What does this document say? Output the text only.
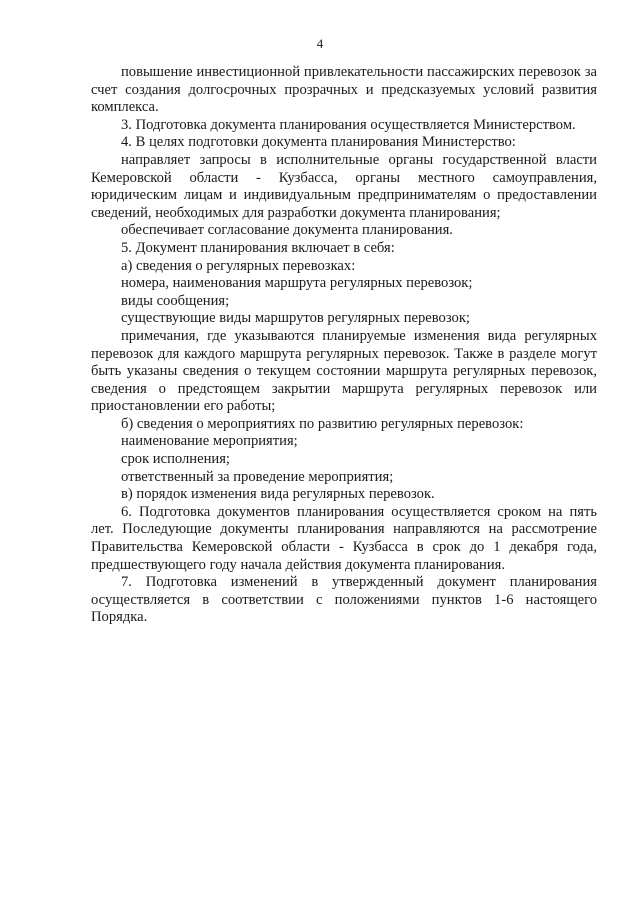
4

повышение инвестиционной привлекательности пассажирских перевозок за счет создания долгосрочных прозрачных и предсказуемых условий развития комплекса.

3. Подготовка документа планирования осуществляется Министерством.

4. В целях подготовки документа планирования Министерство:

направляет запросы в исполнительные органы государственной власти Кемеровской области - Кузбасса, органы местного самоуправления, юридическим лицам и индивидуальным предпринимателям о предоставлении сведений, необходимых для разработки документа планирования;

обеспечивает согласование документа планирования.

5. Документ планирования включает в себя:

а) сведения о регулярных перевозках:

номера, наименования маршрута регулярных перевозок;

виды сообщения;

существующие виды маршрутов регулярных перевозок;

примечания, где указываются планируемые изменения вида регулярных перевозок для каждого маршрута регулярных перевозок. Также в разделе могут быть указаны сведения о текущем состоянии маршрута регулярных перевозок, сведения о предстоящем закрытии маршрута регулярных перевозок или приостановлении его работы;

б) сведения о мероприятиях по развитию регулярных перевозок:

наименование мероприятия;

срок исполнения;

ответственный за проведение мероприятия;

в) порядок изменения вида регулярных перевозок.

6. Подготовка документов планирования осуществляется сроком на пять лет. Последующие документы планирования направляются на рассмотрение Правительства Кемеровской области - Кузбасса в срок до 1 декабря года, предшествующего году начала действия документа планирования.

7. Подготовка изменений в утвержденный документ планирования осуществляется в соответствии с положениями пунктов 1-6 настоящего Порядка.
